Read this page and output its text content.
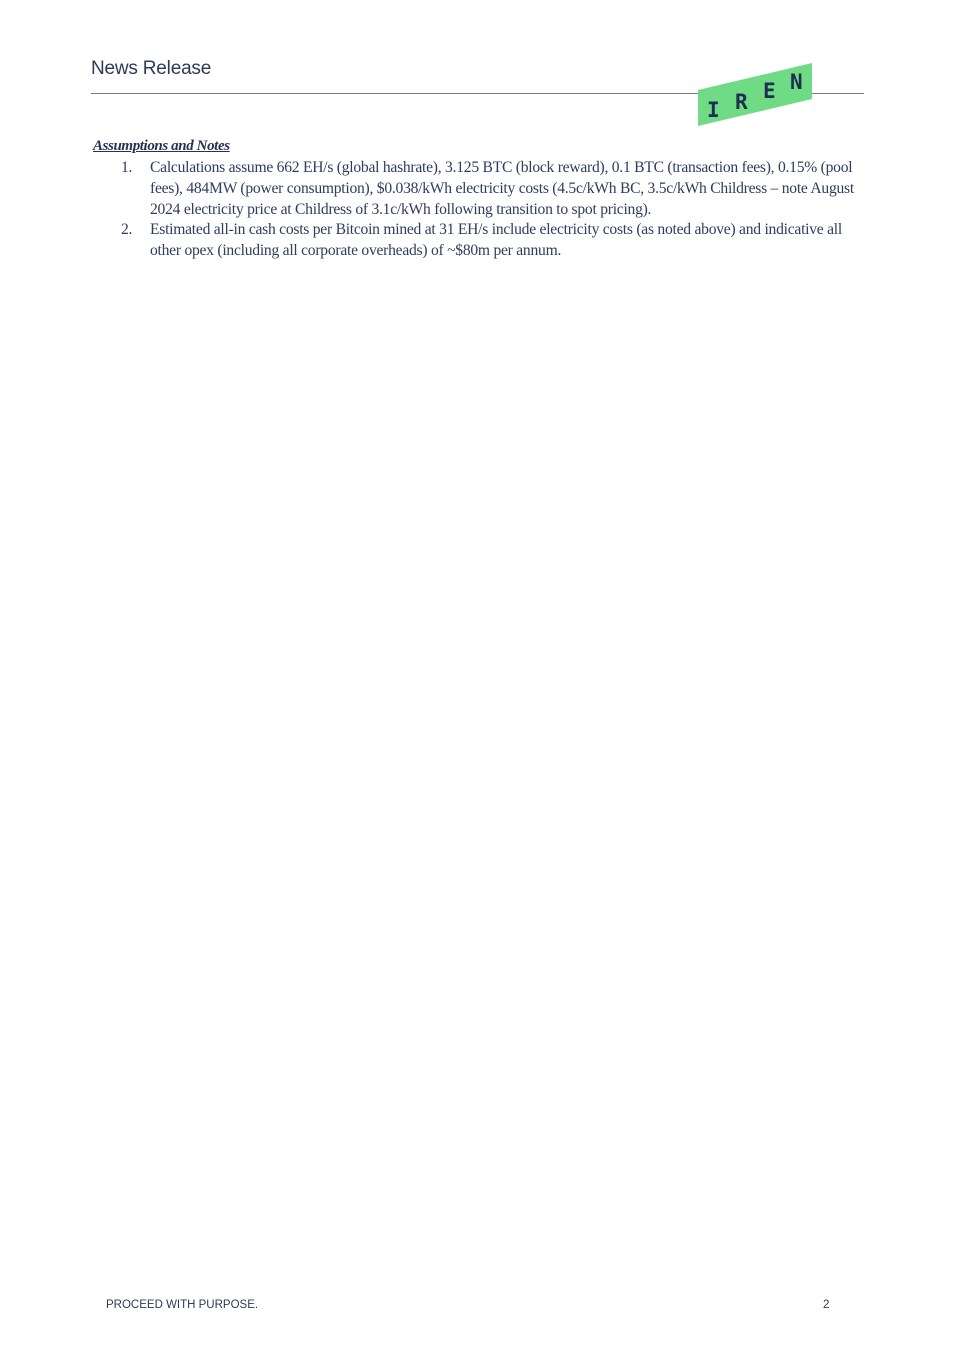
News Release
I R E N
Assumptions and Notes
1. Calculations assume 662 EH/s (global hashrate), 3.125 BTC (block reward), 0.1 BTC (transaction fees), 0.15% (pool fees), 484MW (power consumption), $0.038/kWh electricity costs (4.5c/kWh BC, 3.5c/kWh Childress – note August 2024 electricity price at Childress of 3.1c/kWh following transition to spot pricing).
2. Estimated all-in cash costs per Bitcoin mined at 31 EH/s include electricity costs (as noted above) and indicative all other opex (including all corporate overheads) of ~$80m per annum.
PROCEED WITH PURPOSE.	2
